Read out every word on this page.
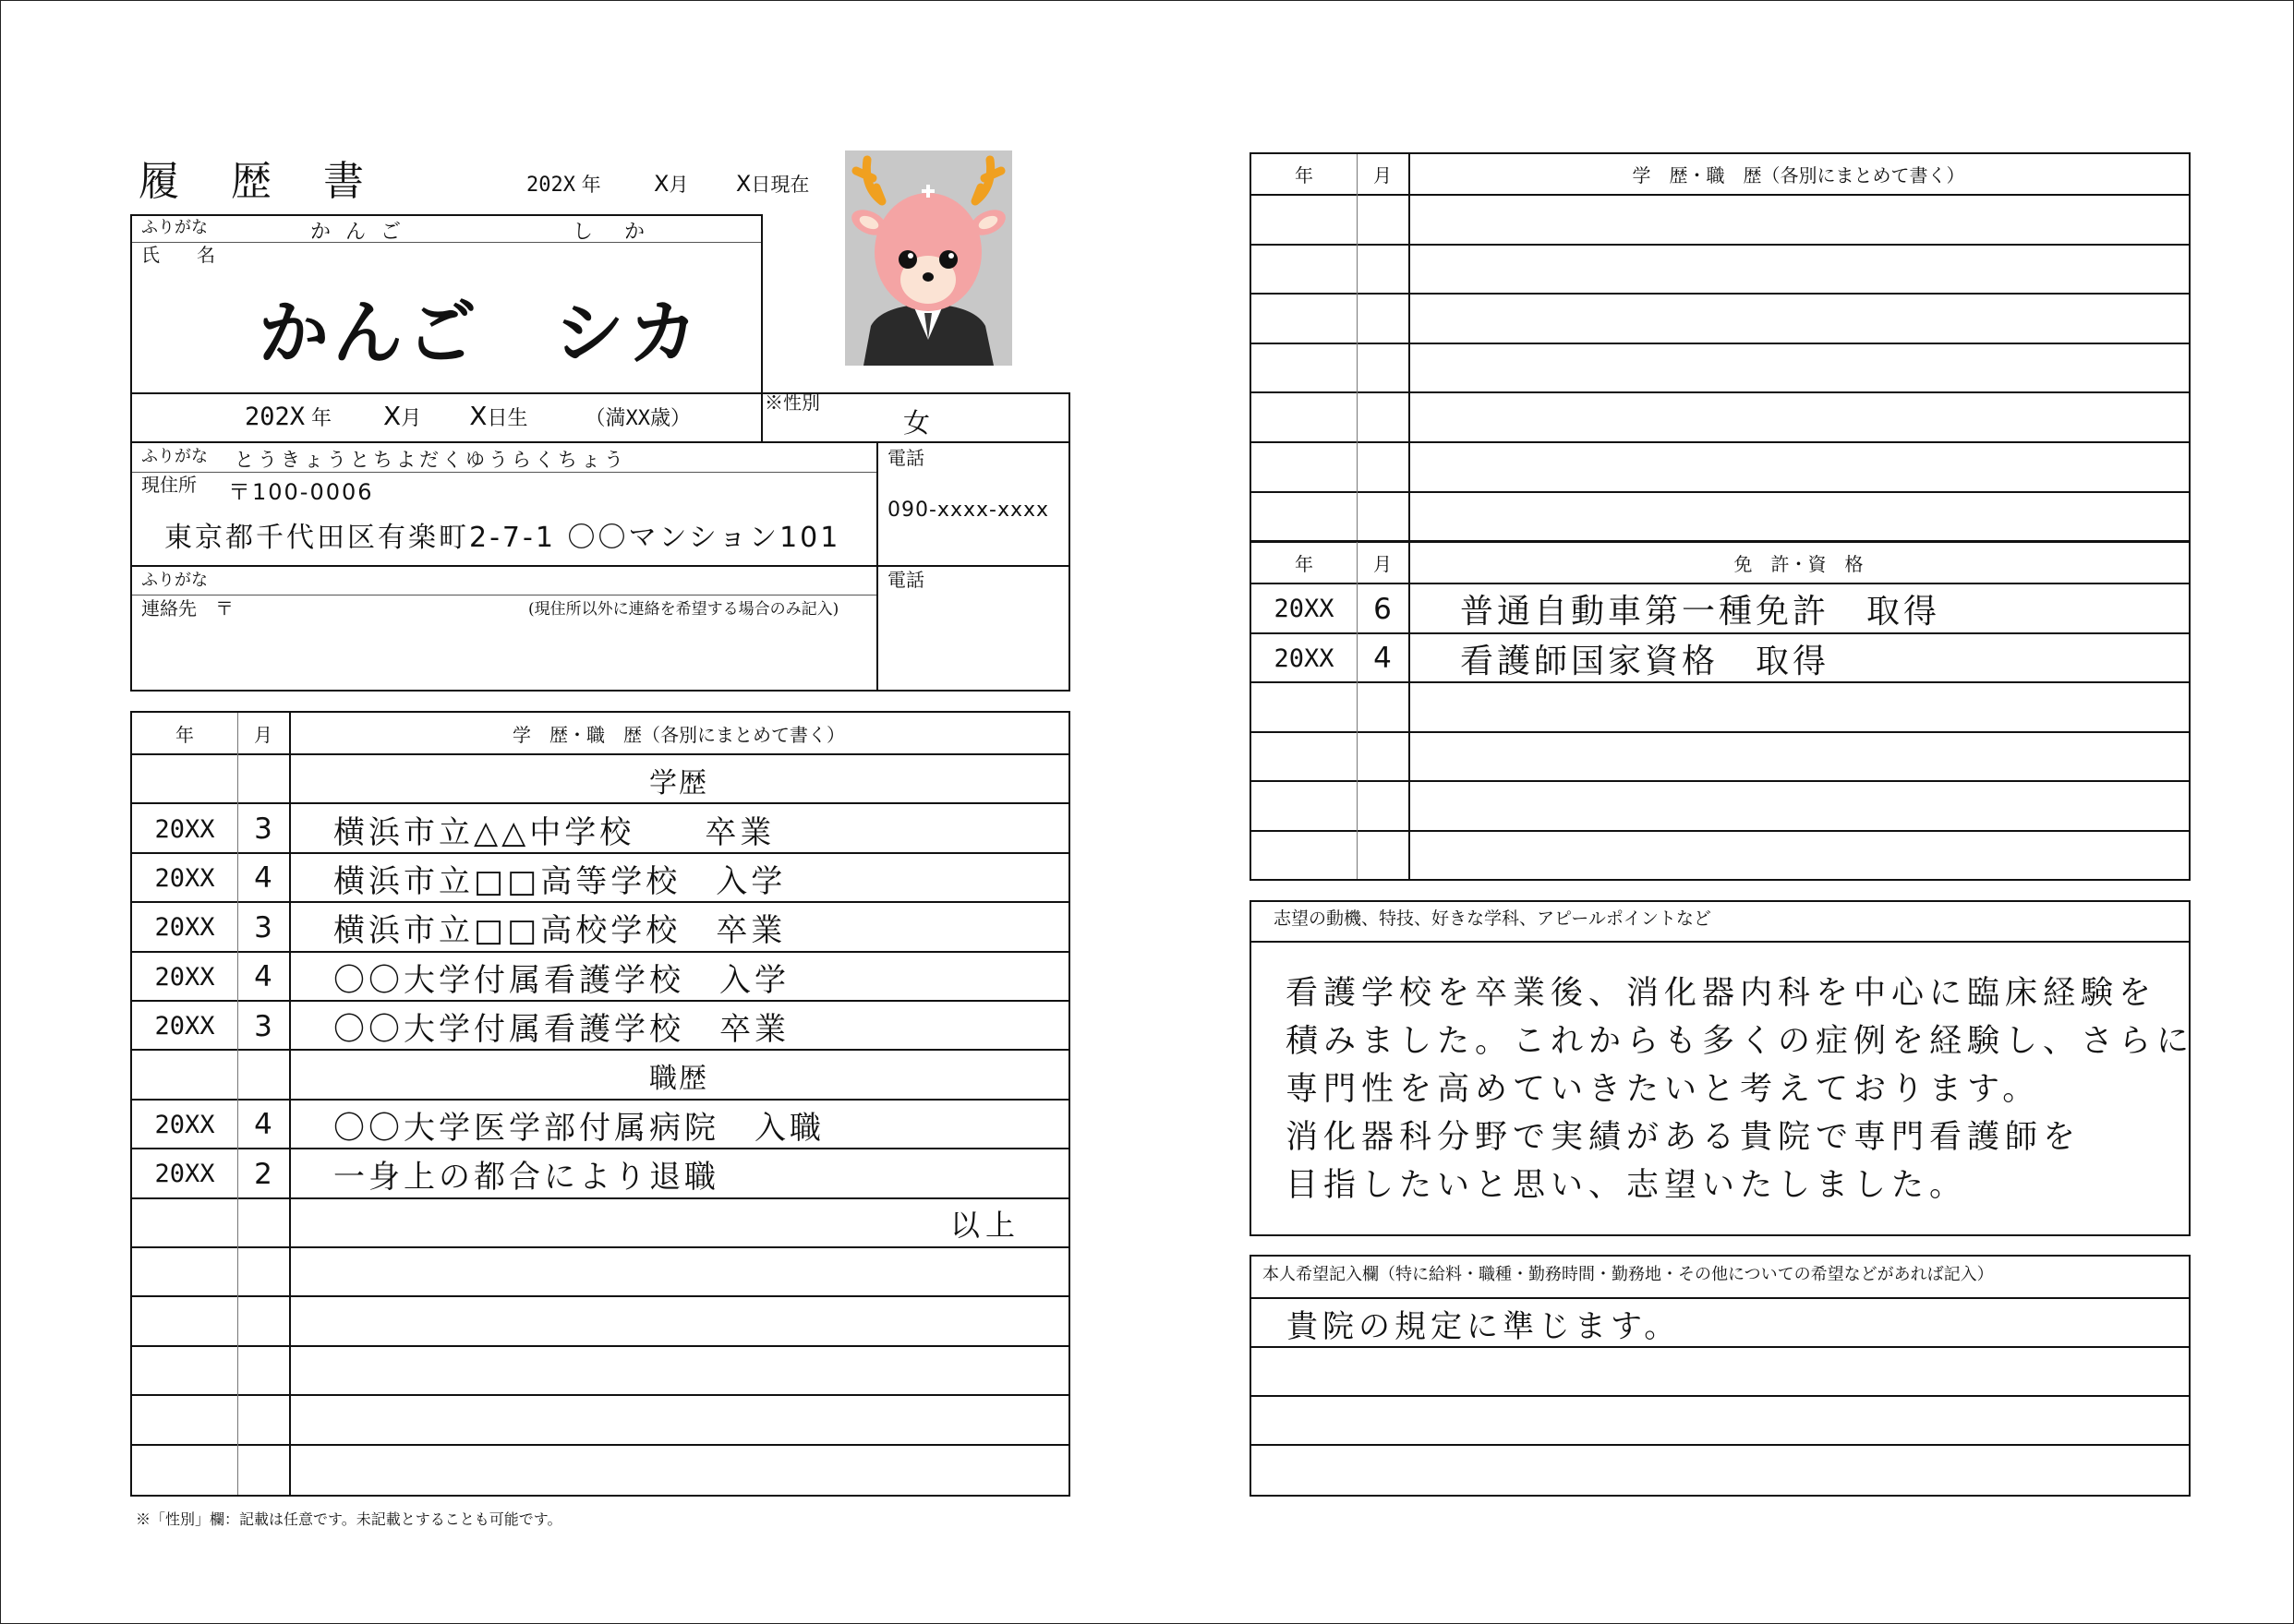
履　歴　書	202X 年 X月 X日現在
ふりがな	かんご	しか
氏　　名
かんご　シカ
202X 年 X月 X日生	（満XX歳）
※性別
女
ふりがな とうきょうとちよだくゆうらくちょう
現住所 〒100-0006
東京都千代田区有楽町2-7-1 〇〇マンション101
電話
090-xxxx-xxxx
ふりがな
連絡先　〒	(現住所以外に連絡を希望する場合のみ記入)
電話
年	月	学　歴・職　歴（各別にまとめて書く）
学歴
20XX	3	横浜市立△△中学校　　卒業
20XX	4	横浜市立□□高等学校　入学
20XX	3	横浜市立□□高校学校　卒業
20XX	4	〇〇大学付属看護学校　入学
20XX	3	〇〇大学付属看護学校　卒業
職歴
20XX	4	〇〇大学医学部付属病院　入職
20XX	2	一身上の都合により退職
以上
※「性別」欄：記載は任意です。未記載とすることも可能です。
年	月	学　歴・職　歴（各別にまとめて書く）
年	月	免　許・資　格
20XX	6	普通自動車第一種免許　取得
20XX	4	看護師国家資格　取得
志望の動機、特技、好きな学科、アピールポイントなど
看護学校を卒業後、消化器内科を中心に臨床経験を
積みました。これからも多くの症例を経験し、さらに
専門性を高めていきたいと考えております。
消化器科分野で実績がある貴院で専門看護師を
目指したいと思い、志望いたしました。
本人希望記入欄（特に給料・職種・勤務時間・勤務地・その他についての希望などがあれば記入）
貴院の規定に準じます。
